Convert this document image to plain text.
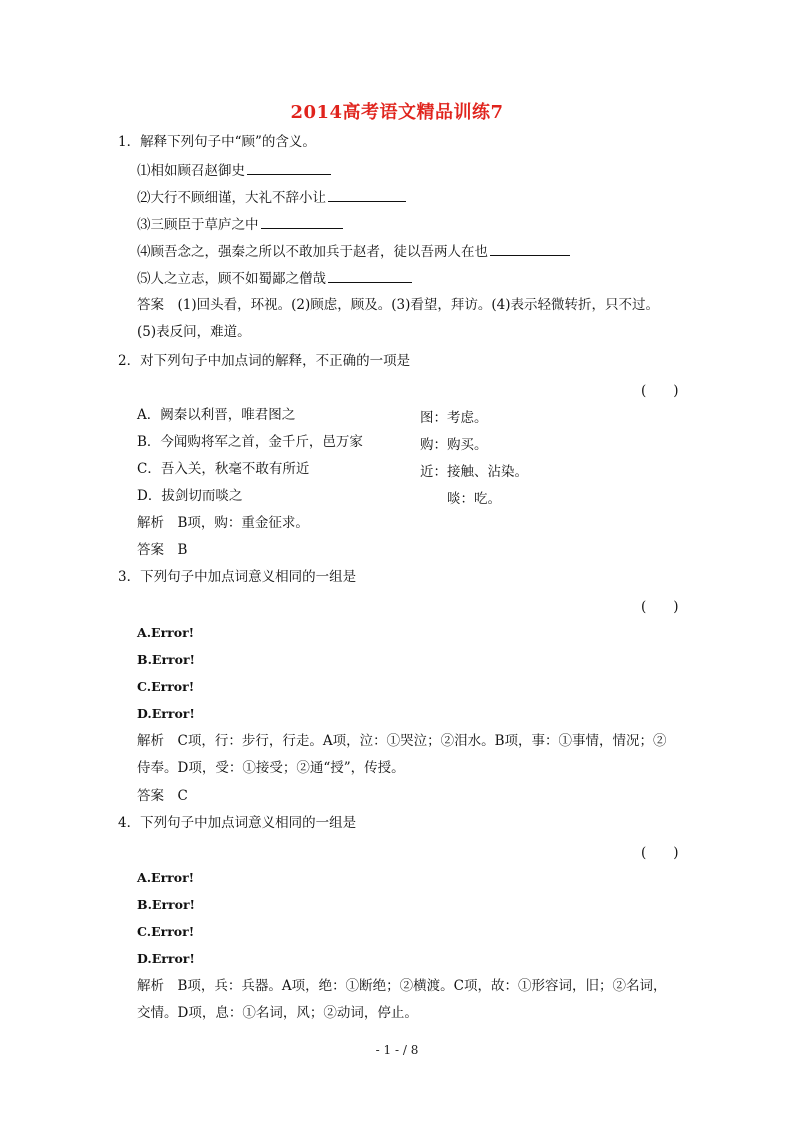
2014高考语文精品训练7
1．解释下列句子中“顾”的含义。
⑴相如顾召赵御史
⑵大行不顾细谨，大礼不辞小让
⑶三顾臣于草庐之中
⑷顾吾念之，强秦之所以不敢加兵于赵者，徒以吾两人在也
⑸人之立志，顾不如蜀鄙之僧哉
答案　(1)回头看，环视。(2)顾虑，顾及。(3)看望，拜访。(4)表示轻微转折，只不过。
(5)表反问，难道。
2．对下列句子中加点词的解释，不正确的一项是
(　　)
A．阙秦以利晋，唯君图之	图：考虑。
B．今闻购将军之首，金千斤，邑万家	购：购买。
C．吾入关，秋毫不敢有所近	近：接触、沾染。
D．拔剑切而啖之	啖：吃。
解析　B项，购：重金征求。
答案　B
3．下列句子中加点词意义相同的一组是
(　　)
A.Error!
B.Error!
C.Error!
D.Error!
解析　C项，行：步行，行走。A项，泣：①哭泣；②泪水。B项，事：①事情，情况；②
侍奉。D项，受：①接受；②通“授”，传授。
答案　C
4．下列句子中加点词意义相同的一组是
(　　)
A.Error!
B.Error!
C.Error!
D.Error!
解析　B项，兵：兵器。A项，绝：①断绝；②横渡。C项，故：①形容词，旧；②名词，
交情。D项，息：①名词，风；②动词，停止。
- 1 - / 8
